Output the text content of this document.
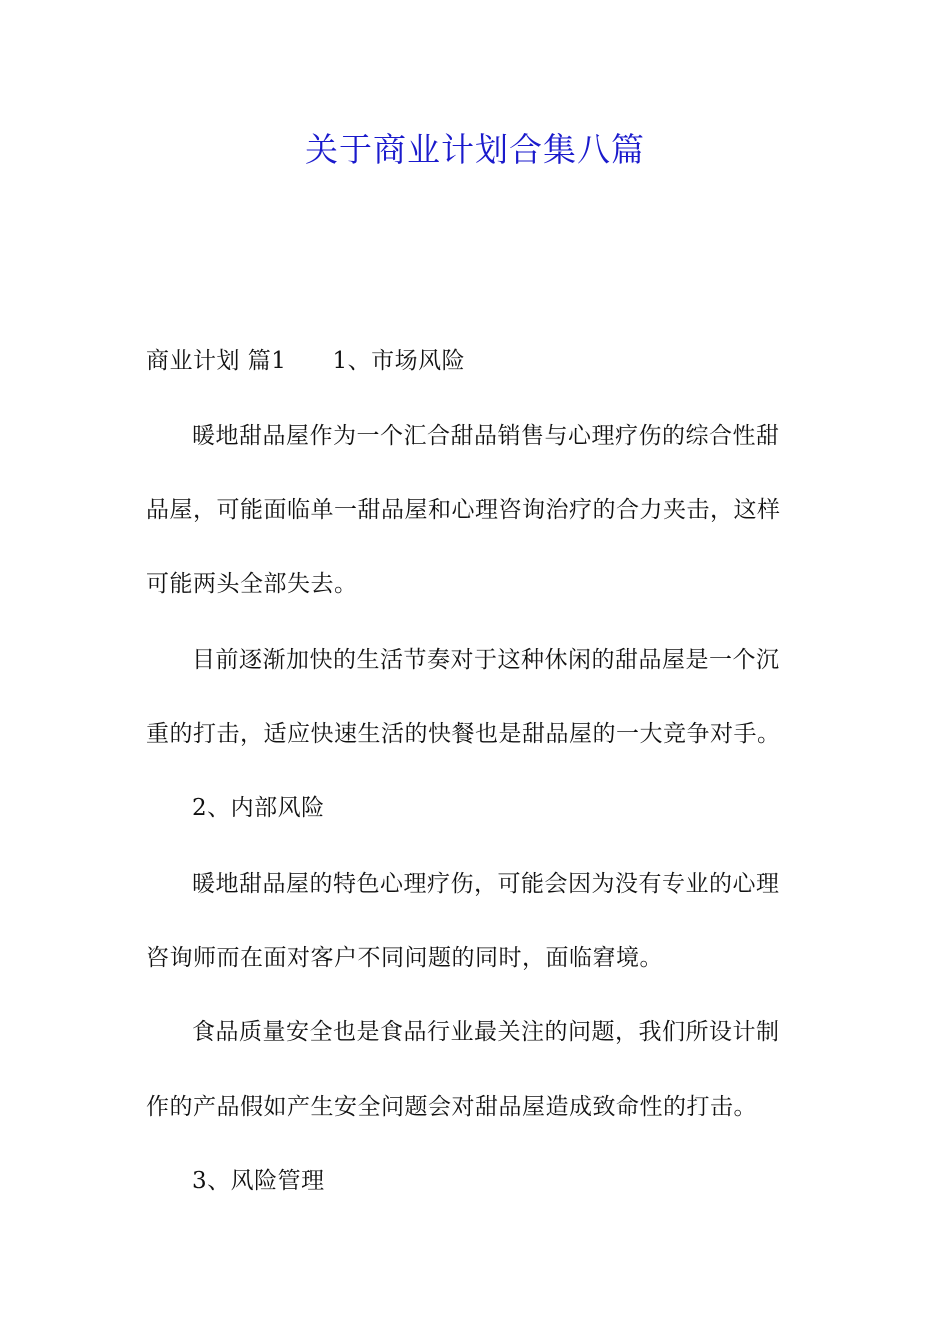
关于商业计划合集八篇
商业计划 篇1 1、市场风险
暖地甜品屋作为一个汇合甜品销售与心理疗伤的综合性甜
品屋，可能面临单一甜品屋和心理咨询治疗的合力夹击，这样
可能两头全部失去。
目前逐渐加快的生活节奏对于这种休闲的甜品屋是一个沉
重的打击，适应快速生活的快餐也是甜品屋的一大竞争对手。
2、内部风险
暖地甜品屋的特色心理疗伤，可能会因为没有专业的心理
咨询师而在面对客户不同问题的同时，面临窘境。
食品质量安全也是食品行业最关注的问题，我们所设计制
作的产品假如产生安全问题会对甜品屋造成致命性的打击。
3、风险管理
